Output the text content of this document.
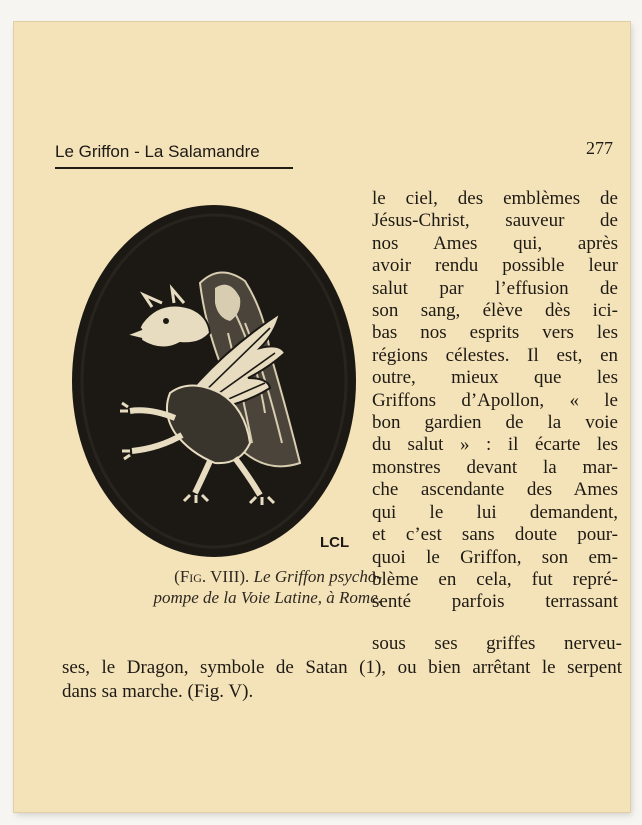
Le Griffon - La Salamandre	277
LCL
(Fig. VIII). Le Griffon psycho-
pompe de la Voie Latine, à Rome.
le ciel, des emblèmes de
Jésus-Christ, sauveur de
nos Ames qui, après
avoir rendu possible leur
salut par l’effusion de
son sang, élève dès ici-
bas nos esprits vers les
régions célestes. Il est, en
outre, mieux que les
Griffons d’Apollon, « le
bon gardien de la voie
du salut » : il écarte les
monstres devant la mar-
che ascendante des Ames
qui le lui demandent,
et c’est sans doute pour-
quoi le Griffon, son em-
blème en cela, fut repré-
senté parfois terrassant
sous ses griffes nerveu-
ses, le Dragon, symbole de Satan (1), ou bien arrêtant le serpent
dans sa marche. (Fig. V).
